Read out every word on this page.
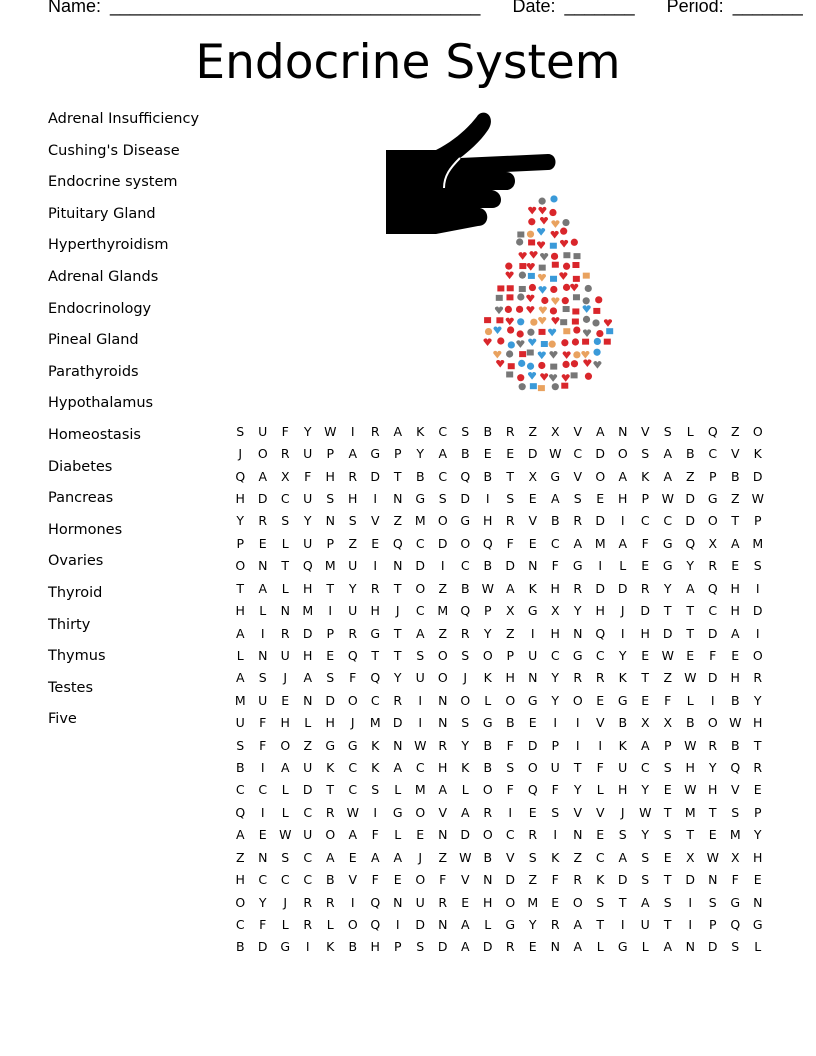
Name: _____________________________________ Date: _______ Period: _______
Endocrine System
Adrenal Insufficiency
Cushing's Disease
Endocrine system
Pituitary Gland
Hyperthyroidism
Adrenal Glands
Endocrinology
Pineal Gland
Parathyroids
Hypothalamus
Homeostasis
Diabetes
Pancreas
Hormones
Ovaries
Thyroid
Thirty
Thymus
Testes
Five
S	U	F	Y	W	I	R	A	K	C	S	B	R	Z	X	V	A	N	V	S	L	Q	Z	O
J	O	R	U	P	A	G	P	Y	A	B	E	E	D W C	D	O	S	A	B	C	V	K
Q	A	X	F	H	R	D	T	B	C	Q	B	T	X	G	V	O	A	K	A	Z	P	B	D
H	D	C	U	S	H	I	N	G	S	D	I	S	E	A	S	E	H	P	W D	G	Z W
Y	R	S	Y	N	S	V	Z	M O	G	H	R	V	B	R	D	I	C	C	D	O	T	P
P	E	L	U	P	Z	E	Q	C	D	O	Q	F	E	C	A	M	A	F	G	Q	X	A	M
O	N	T	Q M	U	I	N	D	I	C	B	D	N	F	G	I	L	E	G	Y	R	E	S
T	A	L	H	T	Y	R	T	O	Z	B W A	K	H	R	D	D	R	Y	A	Q	H	I
H	L	N M	I	U	H	J	C	M Q	P	X	G	X	Y	H	J	D	T	T	C	H	D
A	I	R	D	P	R	G	T	A	Z	R	Y	Z	I	H	N	Q	I	H	D	T	D	A	I
L	N	U	H	E	Q	T	T	S	O	S	O	P	U	C	G	C	Y	E W E	F	E	O
A	S	J	A	S	F	Q	Y	U	O	J	K	H	N	Y	R	R	K	T	Z W D	H	R
M	U	E	N	D	O	C	R	I	N	O	L	O	G	Y	O	E	G	E	F	L	I	B	Y
U	F	H	L	H	J	M D	I	N	S	G	B	E	I	I	V	B	X	X	B	O W H
S	F	O	Z	G	G	K	N W R	Y	B	F	D	P	I	I	K	A	P	W R	B	T
B	I	A	U	K	C	K	A	C	H	K	B	S	O	U	T	F	U	C	S	H	Y	Q	R
C	C	L	D	T	C	S	L	M	A	L	O	F	Q	F	Y	L	H	Y	E W H	V	E
Q	I	L	C	R W	I	G	O	V	A	R	I	E	S	V	V	J	W T	M	T	S	P
A	E W U	O	A	F	L	E	N	D	O	C	R	I	N	E	S	Y	S	T	E	M	Y
Z	N	S	C	A	E	A	A	J	Z W B	V	S	K	Z	C	A	S	E	X W X	H
H	C	C	C	B	V	F	E	O	F	V	N	D	Z	F	R	K	D	S	T	D	N	F	E
O	Y	J	R	R	I	Q	N	U	R	E	H	O M	E	O	S	T	A	S	I	S	G	N
C	F	L	R	L	O	Q	I	D	N	A	L	G	Y	R	A	T	I	U	T	I	P	Q	G
B	D	G	I	K	B	H	P	S	D	A	D	R	E	N	A	L	G	L	A	N	D	S	L
